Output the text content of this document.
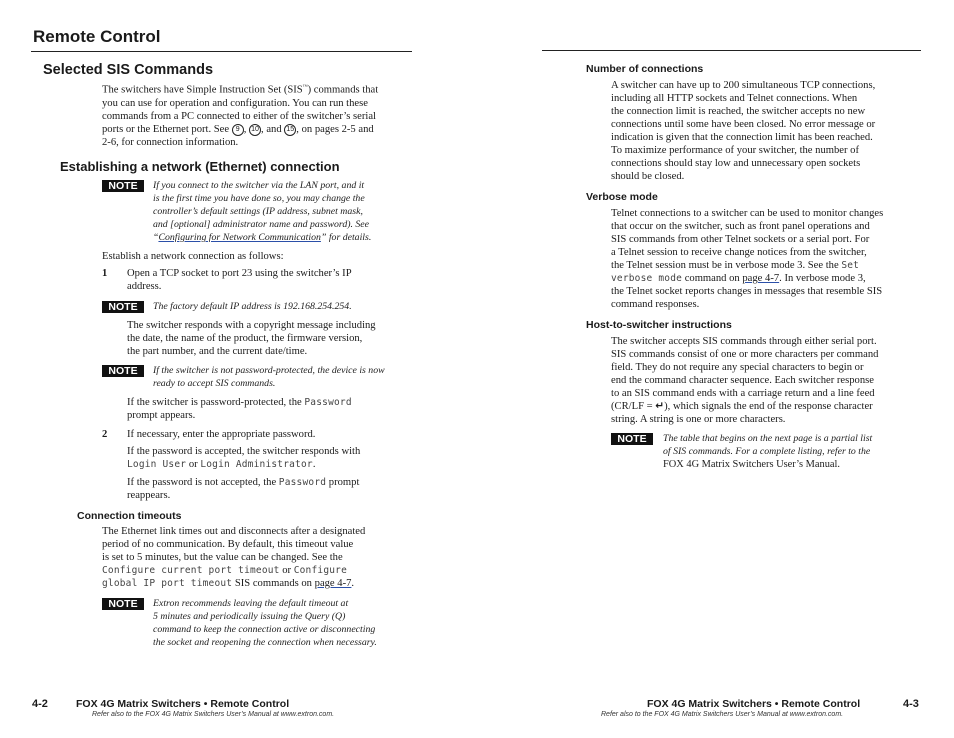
Remote Control
Selected SIS Commands
The switchers have Simple Instruction Set (SIS™) commands that
you can use for operation and configuration. You can run these
commands from a PC connected to either of the switcher’s serial
ports or the Ethernet port. See 9 , 10 , and 15 , on pages 2-5 and
2-6, for connection information.
Establishing a network (Ethernet) connection
NOTE	If you connect to the switcher via the LAN port, and it
is the first time you have done so, you may change the
controller’s default settings (IP address, subnet mask,
and [optional] administrator name and password). See
“Configuring for Network Communication” for details.
Establish a network connection as follows:
1 Open a TCP socket to port 23 using the switcher’s IP
address.
NOTE	The factory default IP address is 192.168.254.254.
The switcher responds with a copyright message including
the date, the name of the product, the firmware version,
the part number, and the current date/time.
NOTE	If the switcher is not password-protected, the device is now
ready to accept SIS commands.
If the switcher is password-protected, the Password
prompt appears.
2 If necessary, enter the appropriate password.
If the password is accepted, the switcher responds with
Login User or Login Administrator.
If the password is not accepted, the Password prompt
reappears.
Connection timeouts
The Ethernet link times out and disconnects after a designated
period of no communication. By default, this timeout value
is set to 5 minutes, but the value can be changed. See the
Configure current port timeout or Configure
global IP port timeout SIS commands on page 4-7.
NOTE	Extron recommends leaving the default timeout at
5 minutes and periodically issuing the Query (Q)
command to keep the connection active or disconnecting
the socket and reopening the connection when necessary.
4-2	FOX 4G Matrix Switchers • Remote Control
Refer also to the FOX 4G Matrix Switchers User’s Manual at www.extron.com.
Number of connections
A switcher can have up to 200 simultaneous TCP connections,
including all HTTP sockets and Telnet connections. When
the connection limit is reached, the switcher accepts no new
connections until some have been closed. No error message or
indication is given that the connection limit has been reached.
To maximize performance of your switcher, the number of
connections should stay low and unnecessary open sockets
should be closed.
Verbose mode
Telnet connections to a switcher can be used to monitor changes
that occur on the switcher, such as front panel operations and
SIS commands from other Telnet sockets or a serial port. For
a Telnet session to receive change notices from the switcher,
the Telnet session must be in verbose mode 3. See the Set
verbose mode command on page 4-7. In verbose mode 3,
the Telnet socket reports changes in messages that resemble SIS
command responses.
Host-to-switcher instructions
The switcher accepts SIS commands through either serial port.
SIS commands consist of one or more characters per command
field. They do not require any special characters to begin or
end the command character sequence. Each switcher response
to an SIS command ends with a carriage return and a line feed
(CR/LF = ↵), which signals the end of the response character
string. A string is one or more characters.
NOTE	The table that begins on the next page is a partial list
of SIS commands. For a complete listing, refer to the
FOX 4G Matrix Switchers User’s Manual.
FOX 4G Matrix Switchers • Remote Control	4-3
Refer also to the FOX 4G Matrix Switchers User’s Manual at www.extron.com.
